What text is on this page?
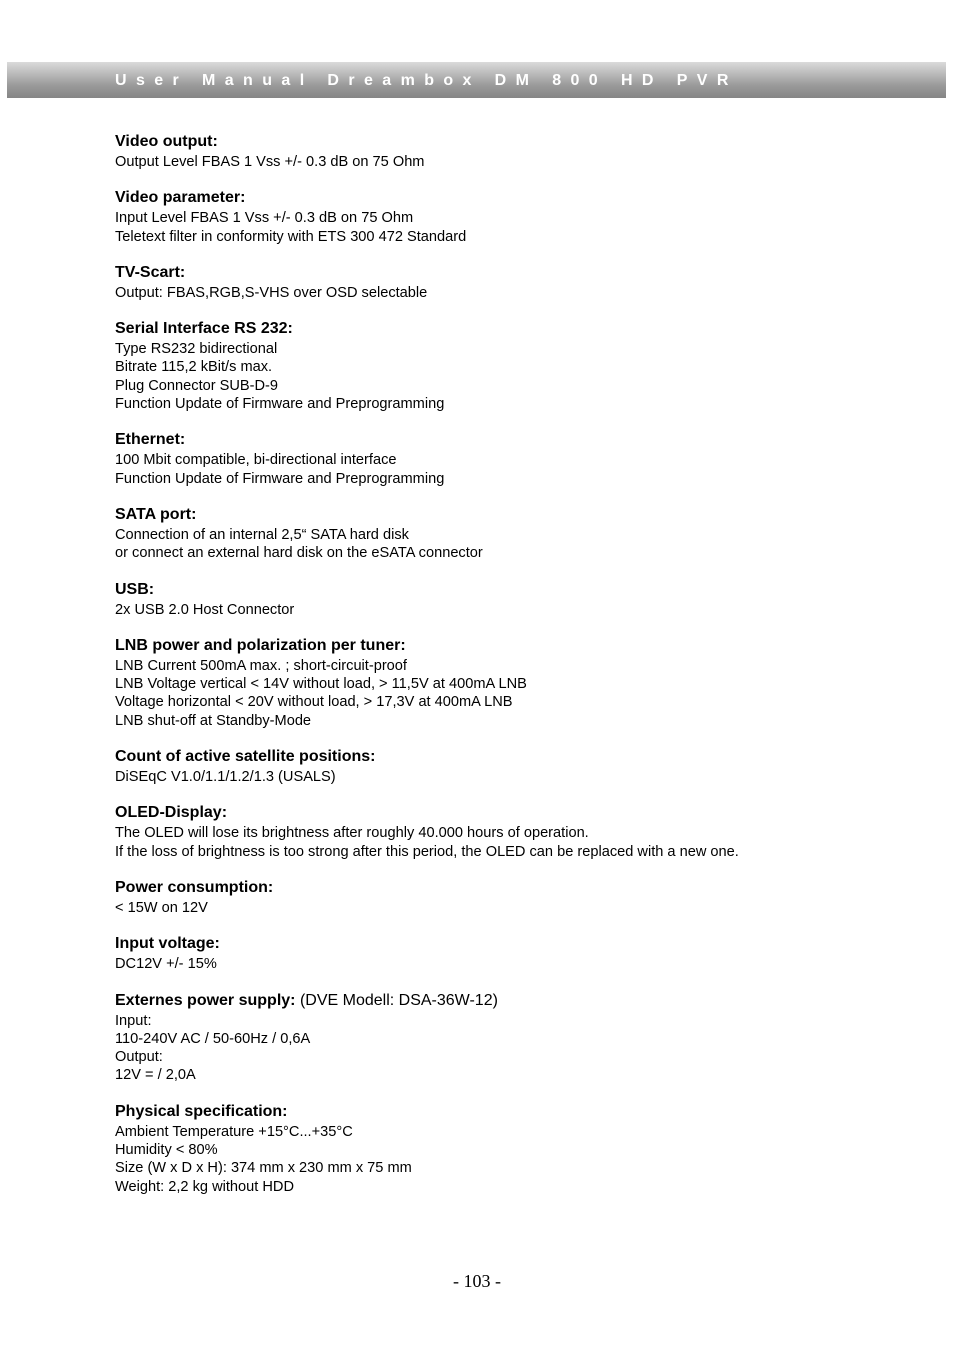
User Manual Dreambox DM 800 HD PVR
Video output:
Output Level FBAS 1 Vss +/- 0.3 dB on 75 Ohm
Video parameter:
Input Level FBAS 1 Vss +/- 0.3 dB on 75 Ohm
Teletext filter in conformity with ETS 300 472 Standard
TV-Scart:
Output: FBAS,RGB,S-VHS over OSD selectable
Serial Interface RS 232:
Type RS232 bidirectional
Bitrate 115,2 kBit/s max.
Plug Connector SUB-D-9
Function Update of Firmware and Preprogramming
Ethernet:
100 Mbit compatible, bi-directional interface
Function Update of Firmware and Preprogramming
SATA port:
Connection of an internal 2,5“ SATA hard disk
or connect an external hard disk on the eSATA connector
USB:
2x USB 2.0 Host Connector
LNB power and polarization per tuner:
LNB Current 500mA max. ; short-circuit-proof
LNB Voltage vertical < 14V without load, > 11,5V at 400mA LNB
Voltage horizontal < 20V without load, > 17,3V at 400mA LNB
LNB shut-off at Standby-Mode
Count of active satellite positions:
DiSEqC V1.0/1.1/1.2/1.3 (USALS)
OLED-Display:
The OLED will lose its brightness after roughly 40.000 hours of operation.
If the loss of brightness is too strong after this period, the OLED can be replaced with a new one.
Power consumption:
< 15W on 12V
Input voltage:
DC12V +/- 15%
Externes power supply: (DVE Modell: DSA-36W-12)
Input:
110-240V AC / 50-60Hz / 0,6A
Output:
12V = / 2,0A
Physical specification:
Ambient Temperature +15°C...+35°C
Humidity < 80%
Size (W x D x H): 374 mm x 230 mm x 75 mm
Weight: 2,2 kg without HDD
- 103 -
